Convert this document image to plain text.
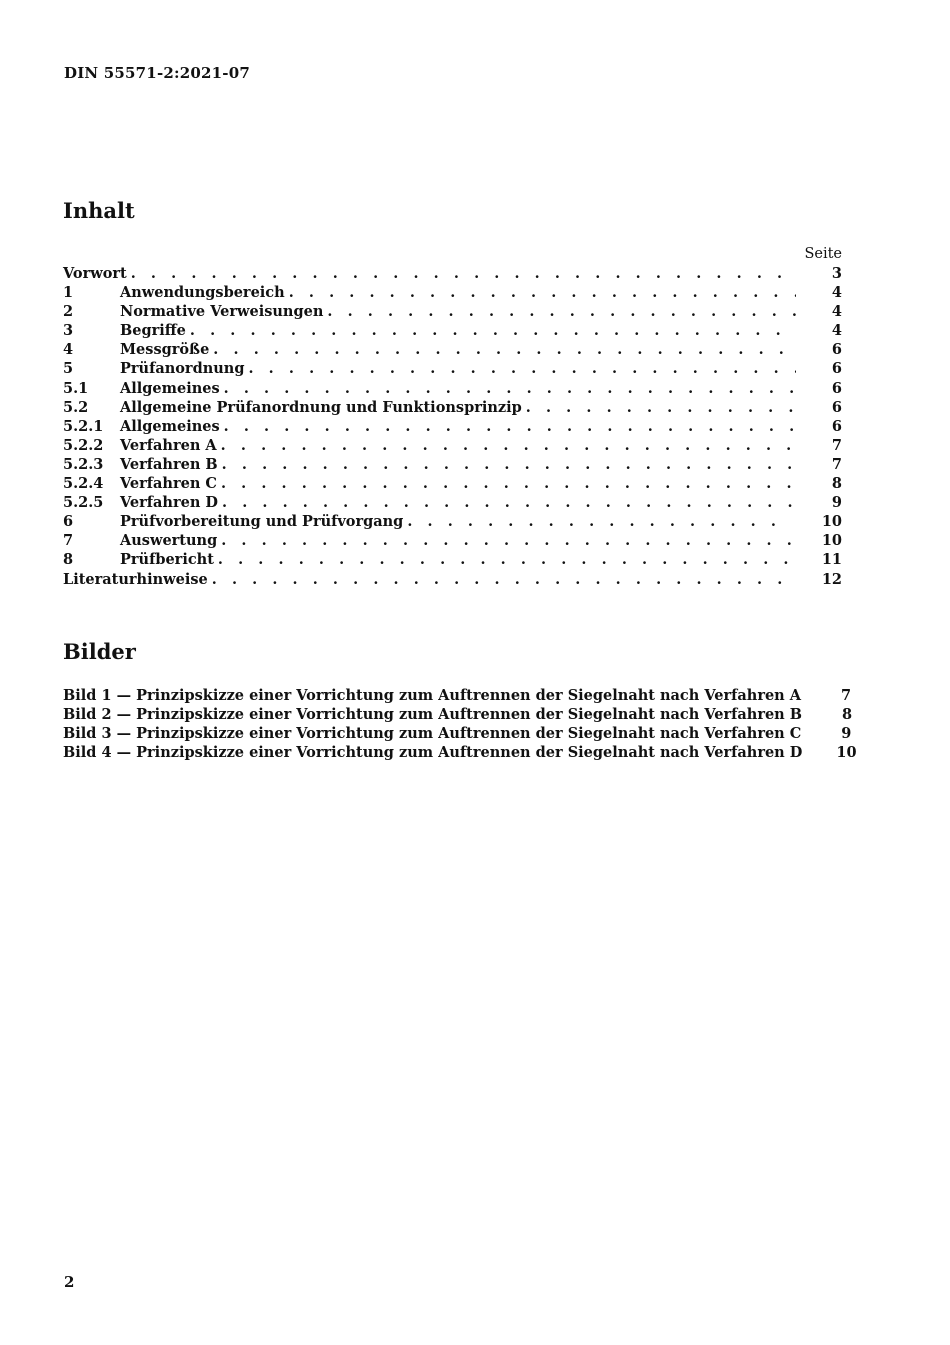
DIN 55571-2:2021-07
Inhalt
Seite
Vorwort . . .	3
1	Anwendungsbereich . . .	4
2	Normative Verweisungen . . .	4
3	Begriffe . . .	4
4	Messgröße . . .	6
5	Prüfanordnung . . .	6
5.1	Allgemeines . . .	6
5.2	Allgemeine Prüfanordnung und Funktionsprinzip . . .	6
5.2.1	Allgemeines . . .	6
5.2.2	Verfahren A . . .	7
5.2.3	Verfahren B . . .	7
5.2.4	Verfahren C . . .	8
5.2.5	Verfahren D . . .	9
6	Prüfvorbereitung und Prüfvorgang . . .	10
7	Auswertung . . .	10
8	Prüfbericht . . .	11
Literaturhinweise . . .	12
Bilder
Bild 1 — Prinzipskizze einer Vorrichtung zum Auftrennen der Siegelnaht nach Verfahren A	7
Bild 2 — Prinzipskizze einer Vorrichtung zum Auftrennen der Siegelnaht nach Verfahren B	8
Bild 3 — Prinzipskizze einer Vorrichtung zum Auftrennen der Siegelnaht nach Verfahren C	9
Bild 4 — Prinzipskizze einer Vorrichtung zum Auftrennen der Siegelnaht nach Verfahren D 10
2
